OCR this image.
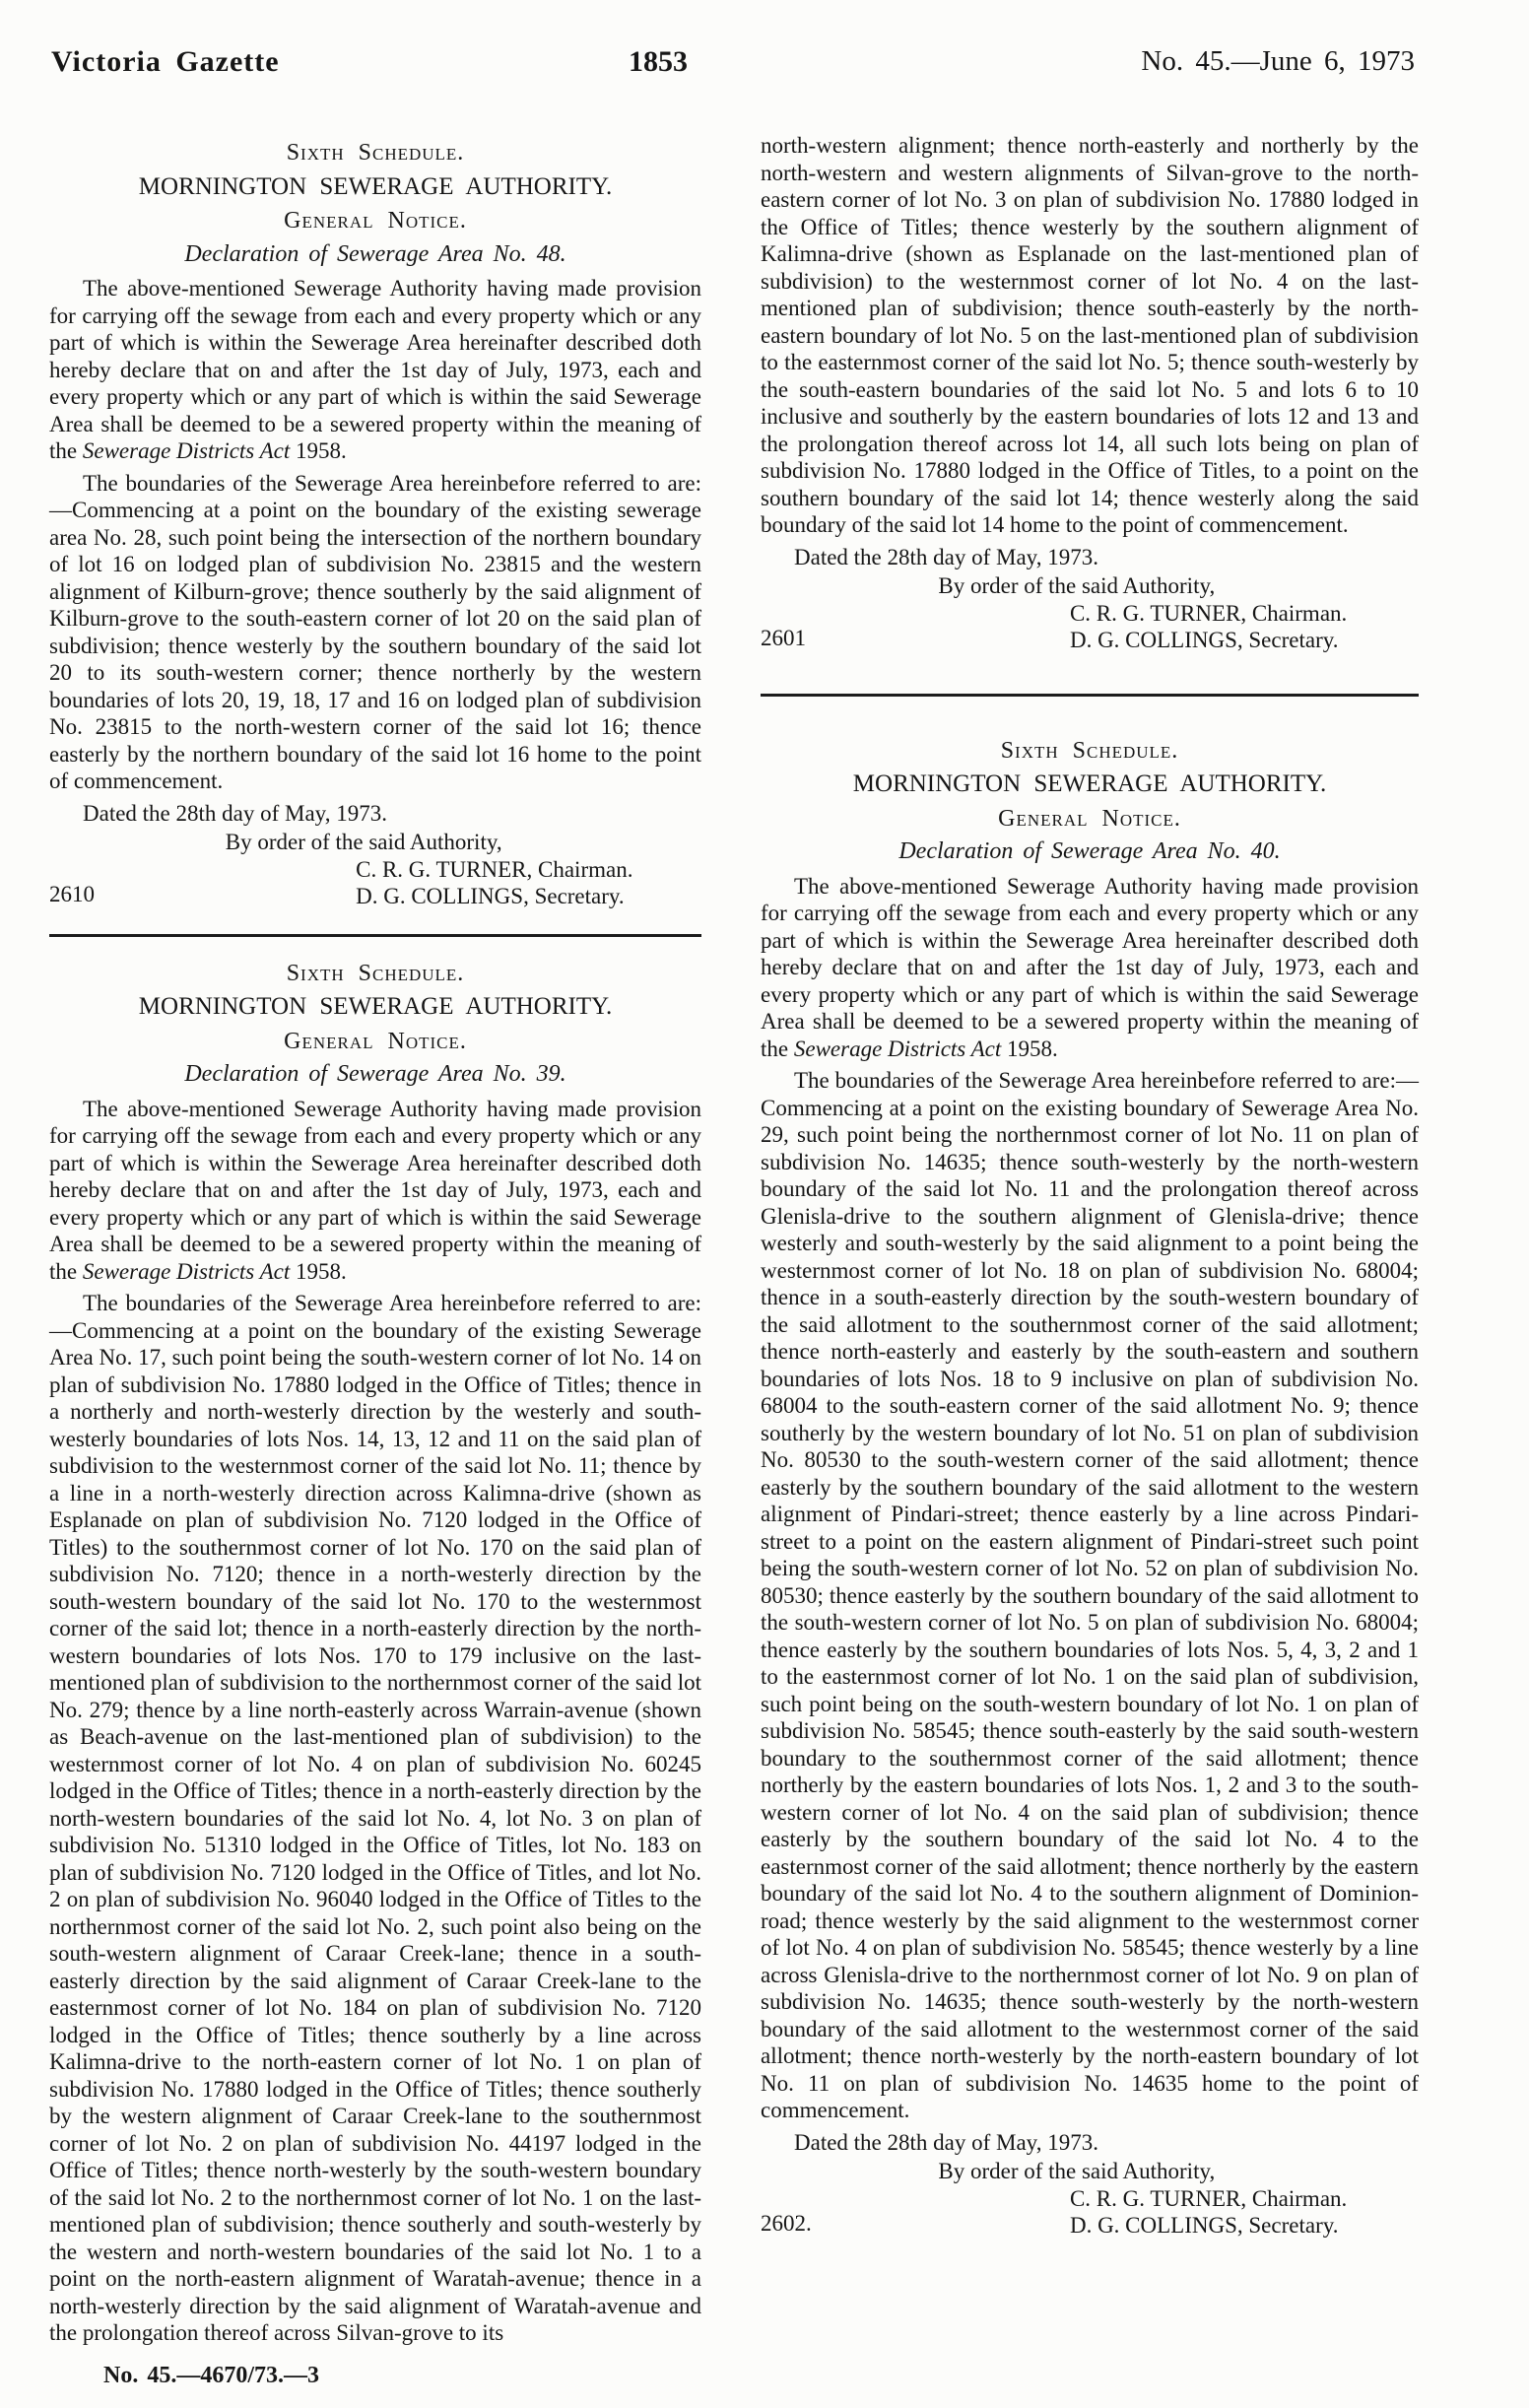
Victoria Gazette	1853	No. 45.—June 6, 1973
Sixth Schedule.
MORNINGTON SEWERAGE AUTHORITY.
General Notice.
Declaration of Sewerage Area No. 48.

The above-mentioned Sewerage Authority having made provision for carrying off the sewage from each and every property which or any part of which is within the Sewerage Area hereinafter described doth hereby declare that on and after the 1st day of July, 1973, each and every property which or any part of which is within the said Sewerage Area shall be deemed to be a sewered property within the meaning of the Sewerage Districts Act 1958.

The boundaries of the Sewerage Area hereinbefore referred to are:—Commencing at a point on the boundary of the existing sewerage area No. 28, such point being the intersection of the northern boundary of lot 16 on lodged plan of subdivision No. 23815 and the western alignment of Kilburn-grove; thence southerly by the said alignment of Kilburn-grove to the south-eastern corner of lot 20 on the said plan of subdivision; thence westerly by the southern boundary of the said lot 20 to its south-western corner; thence northerly by the western boundaries of lots 20, 19, 18, 17 and 16 on lodged plan of subdivision No. 23815 to the north-western corner of the said lot 16; thence easterly by the northern boundary of the said lot 16 home to the point of commencement.

Dated the 28th day of May, 1973.

By order of the said Authority,

C. R. G. TURNER, Chairman.

D. G. COLLINGS, Secretary.

2610
Sixth Schedule.
MORNINGTON SEWERAGE AUTHORITY.
General Notice.
Declaration of Sewerage Area No. 39.

The above-mentioned Sewerage Authority having made provision for carrying off the sewage from each and every property which or any part of which is within the Sewerage Area hereinafter described doth hereby declare that on and after the 1st day of July, 1973, each and every property which or any part of which is within the said Sewerage Area shall be deemed to be a sewered property within the meaning of the Sewerage Districts Act 1958.

The boundaries of the Sewerage Area hereinbefore referred to are:—Commencing at a point on the boundary of the existing Sewerage Area No. 17, such point being the south-western corner of lot No. 14 on plan of subdivision No. 17880 lodged in the Office of Titles; thence in a northerly and north-westerly direction by the westerly and south-westerly boundaries of lots Nos. 14, 13, 12 and 11 on the said plan of subdivision to the westernmost corner of the said lot No. 11; thence by a line in a north-westerly direction across Kalimna-drive (shown as Esplanade on plan of subdivision No. 7120 lodged in the Office of Titles) to the southernmost corner of lot No. 170 on the said plan of subdivision No. 7120; thence in a north-westerly direction by the south-western boundary of the said lot No. 170 to the westernmost corner of the said lot; thence in a north-easterly direction by the north-western boundaries of lots Nos. 170 to 179 inclusive on the last-mentioned plan of subdivision to the northernmost corner of the said lot No. 279; thence by a line north-easterly across Warrain-avenue (shown as Beach-avenue on the last-mentioned plan of subdivision) to the westernmost corner of lot No. 4 on plan of subdivision No. 60245 lodged in the Office of Titles; thence in a north-easterly direction by the north-western boundaries of the said lot No. 4, lot No. 3 on plan of subdivision No. 51310 lodged in the Office of Titles, lot No. 183 on plan of subdivision No. 7120 lodged in the Office of Titles, and lot No. 2 on plan of subdivision No. 96040 lodged in the Office of Titles to the northernmost corner of the said lot No. 2, such point also being on the south-western alignment of Caraar Creek-lane; thence in a south-easterly direction by the said alignment of Caraar Creek-lane to the easternmost corner of lot No. 184 on plan of subdivision No. 7120 lodged in the Office of Titles; thence southerly by a line across Kalimna-drive to the north-eastern corner of lot No. 1 on plan of subdivision No. 17880 lodged in the Office of Titles; thence southerly by the western alignment of Caraar Creek-lane to the southernmost corner of lot No. 2 on plan of subdivision No. 44197 lodged in the Office of Titles; thence north-westerly by the south-western boundary of the said lot No. 2 to the northernmost corner of lot No. 1 on the last-mentioned plan of subdivision; thence southerly and south-westerly by the western and north-western boundaries of the said lot No. 1 to a point on the north-eastern alignment of Waratah-avenue; thence in a north-westerly direction by the said alignment of Waratah-avenue and the prolongation thereof across Silvan-grove to its

No. 45.—4670/73.—3

north-western alignment; thence north-easterly and northerly by the north-western and western alignments of Silvan-grove to the north-eastern corner of lot No. 3 on plan of subdivision No. 17880 lodged in the Office of Titles; thence westerly by the southern alignment of Kalimna-drive (shown as Esplanade on the last-mentioned plan of subdivision) to the westernmost corner of lot No. 4 on the last-mentioned plan of subdivision; thence south-easterly by the north-eastern boundary of lot No. 5 on the last-mentioned plan of subdivision to the easternmost corner of the said lot No. 5; thence south-westerly by the south-eastern boundaries of the said lot No. 5 and lots 6 to 10 inclusive and southerly by the eastern boundaries of lots 12 and 13 and the prolongation thereof across lot 14, all such lots being on plan of subdivision No. 17880 lodged in the Office of Titles, to a point on the southern boundary of the said lot 14; thence westerly along the said boundary of the said lot 14 home to the point of commencement.

Dated the 28th day of May, 1973.

By order of the said Authority,

C. R. G. TURNER, Chairman.

D. G. COLLINGS, Secretary.

2601
Sixth Schedule.
MORNINGTON SEWERAGE AUTHORITY.
General Notice.
Declaration of Sewerage Area No. 40.

The above-mentioned Sewerage Authority having made provision for carrying off the sewage from each and every property which or any part of which is within the Sewerage Area hereinafter described doth hereby declare that on and after the 1st day of July, 1973, each and every property which or any part of which is within the said Sewerage Area shall be deemed to be a sewered property within the meaning of the Sewerage Districts Act 1958.

The boundaries of the Sewerage Area hereinbefore referred to are:—Commencing at a point on the existing boundary of Sewerage Area No. 29, such point being the northernmost corner of lot No. 11 on plan of subdivision No. 14635; thence south-westerly by the north-western boundary of the said lot No. 11 and the prolongation thereof across Glenisla-drive to the southern alignment of Glenisla-drive; thence westerly and south-westerly by the said alignment to a point being the westernmost corner of lot No. 18 on plan of subdivision No. 68004; thence in a south-easterly direction by the south-western boundary of the said allotment to the southernmost corner of the said allotment; thence north-easterly and easterly by the south-eastern and southern boundaries of lots Nos. 18 to 9 inclusive on plan of subdivision No. 68004 to the south-eastern corner of the said allotment No. 9; thence southerly by the western boundary of lot No. 51 on plan of subdivision No. 80530 to the south-western corner of the said allotment; thence easterly by the southern boundary of the said allotment to the western alignment of Pindari-street; thence easterly by a line across Pindari-street to a point on the eastern alignment of Pindari-street such point being the south-western corner of lot No. 52 on plan of subdivision No. 80530; thence easterly by the southern boundary of the said allotment to the south-western corner of lot No. 5 on plan of subdivision No. 68004; thence easterly by the southern boundaries of lots Nos. 5, 4, 3, 2 and 1 to the easternmost corner of lot No. 1 on the said plan of subdivision, such point being on the south-western boundary of lot No. 1 on plan of subdivision No. 58545; thence south-easterly by the said south-western boundary to the southernmost corner of the said allotment; thence northerly by the eastern boundaries of lots Nos. 1, 2 and 3 to the south-western corner of lot No. 4 on the said plan of subdivision; thence easterly by the southern boundary of the said lot No. 4 to the easternmost corner of the said allotment; thence northerly by the eastern boundary of the said lot No. 4 to the southern alignment of Dominion-road; thence westerly by the said alignment to the westernmost corner of lot No. 4 on plan of subdivision No. 58545; thence westerly by a line across Glenisla-drive to the northernmost corner of lot No. 9 on plan of subdivision No. 14635; thence south-westerly by the north-western boundary of the said allotment to the westernmost corner of the said allotment; thence north-westerly by the north-eastern boundary of lot No. 11 on plan of subdivision No. 14635 home to the point of commencement.

Dated the 28th day of May, 1973.

By order of the said Authority,

C. R. G. TURNER, Chairman.

D. G. COLLINGS, Secretary.

2602.
